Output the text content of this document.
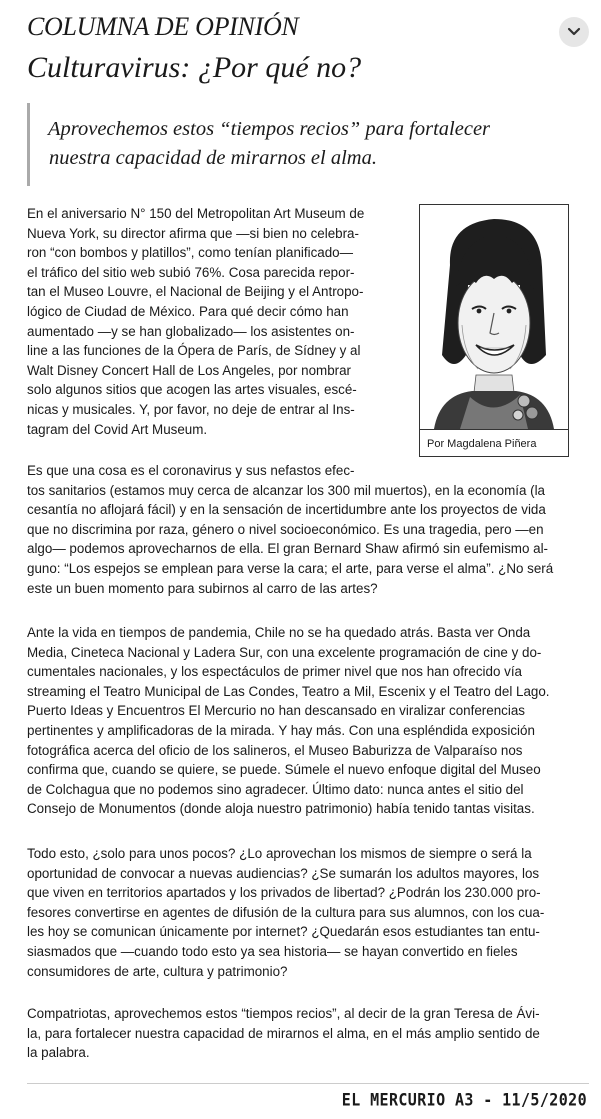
COLUMNA DE OPINIÓN
Culturavirus: ¿Por qué no?
Aprovechemos estos “tiempos recios” para fortalecer
nuestra capacidad de mirarnos el alma.
En el aniversario N° 150 del Metropolitan Art Museum de
Nueva York, su director afirma que —si bien no celebra-
ron “con bombos y platillos”, como tenían planificado—
el tráfico del sitio web subió 76%. Cosa parecida repor-
tan el Museo Louvre, el Nacional de Beijing y el Antropo-
lógico de Ciudad de México. Para qué decir cómo han
aumentado —y se han globalizado— los asistentes on-
line a las funciones de la Ópera de París, de Sídney y al
Walt Disney Concert Hall de Los Angeles, por nombrar
solo algunos sitios que acogen las artes visuales, escé-
nicas y musicales. Y, por favor, no deje de entrar al Ins-
tagram del Covid Art Museum.
Por Magdalena Piñera
Es que una cosa es el coronavirus y sus nefastos efec-
tos sanitarios (estamos muy cerca de alcanzar los 300 mil muertos), en la economía (la
cesantía no aflojará fácil) y en la sensación de incertidumbre ante los proyectos de vida
que no discrimina por raza, género o nivel socioeconómico. Es una tragedia, pero —en
algo— podemos aprovecharnos de ella. El gran Bernard Shaw afirmó sin eufemismo al-
guno: “Los espejos se emplean para verse la cara; el arte, para verse el alma”. ¿No será
este un buen momento para subirnos al carro de las artes?
Ante la vida en tiempos de pandemia, Chile no se ha quedado atrás. Basta ver Onda
Media, Cineteca Nacional y Ladera Sur, con una excelente programación de cine y do-
cumentales nacionales, y los espectáculos de primer nivel que nos han ofrecido vía
streaming el Teatro Municipal de Las Condes, Teatro a Mil, Escenix y el Teatro del Lago.
Puerto Ideas y Encuentros El Mercurio no han descansado en viralizar conferencias
pertinentes y amplificadoras de la mirada. Y hay más. Con una espléndida exposición
fotográfica acerca del oficio de los salineros, el Museo Baburizza de Valparaíso nos
confirma que, cuando se quiere, se puede. Súmele el nuevo enfoque digital del Museo
de Colchagua que no podemos sino agradecer. Último dato: nunca antes el sitio del
Consejo de Monumentos (donde aloja nuestro patrimonio) había tenido tantas visitas.
Todo esto, ¿solo para unos pocos? ¿Lo aprovechan los mismos de siempre o será la
oportunidad de convocar a nuevas audiencias? ¿Se sumarán los adultos mayores, los
que viven en territorios apartados y los privados de libertad? ¿Podrán los 230.000 pro-
fesores convertirse en agentes de difusión de la cultura para sus alumnos, con los cua-
les hoy se comunican únicamente por internet? ¿Quedarán esos estudiantes tan entu-
siasmados que —cuando todo esto ya sea historia— se hayan convertido en fieles
consumidores de arte, cultura y patrimonio?
Compatriotas, aprovechemos estos “tiempos recios”, al decir de la gran Teresa de Ávi-
la, para fortalecer nuestra capacidad de mirarnos el alma, en el más amplio sentido de
la palabra.
EL MERCURIO A3 - 11/5/2020
